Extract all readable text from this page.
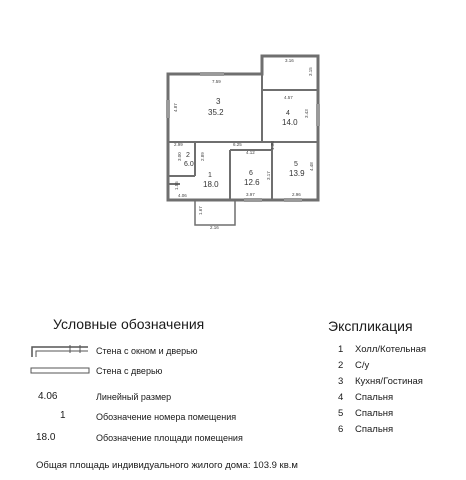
3
35.2	4
14.0
2
6.0
1
18.0
6
12.6
5
13.9
7.59
3.16
3.15
4.57
4.87
3.43
2.99	6.25
4.12
3.00	2.89
1.38
3.17
4.48
1.55
4.06	3.97	2.96
1.67
2.16
Условные обозначения
Стена с окном и дверью
Стена с дверью
4.06	Линейный размер
1	Обозначение номера помещения
18.0	Обозначение площади помещения
Экспликация
1 Холл/Котельная
2 С/у
3 Кухня/Гостиная
4 Спальня
5 Спальня
6 Спальня
Общая площадь индивидуального жилого дома: 103.9 кв.м
